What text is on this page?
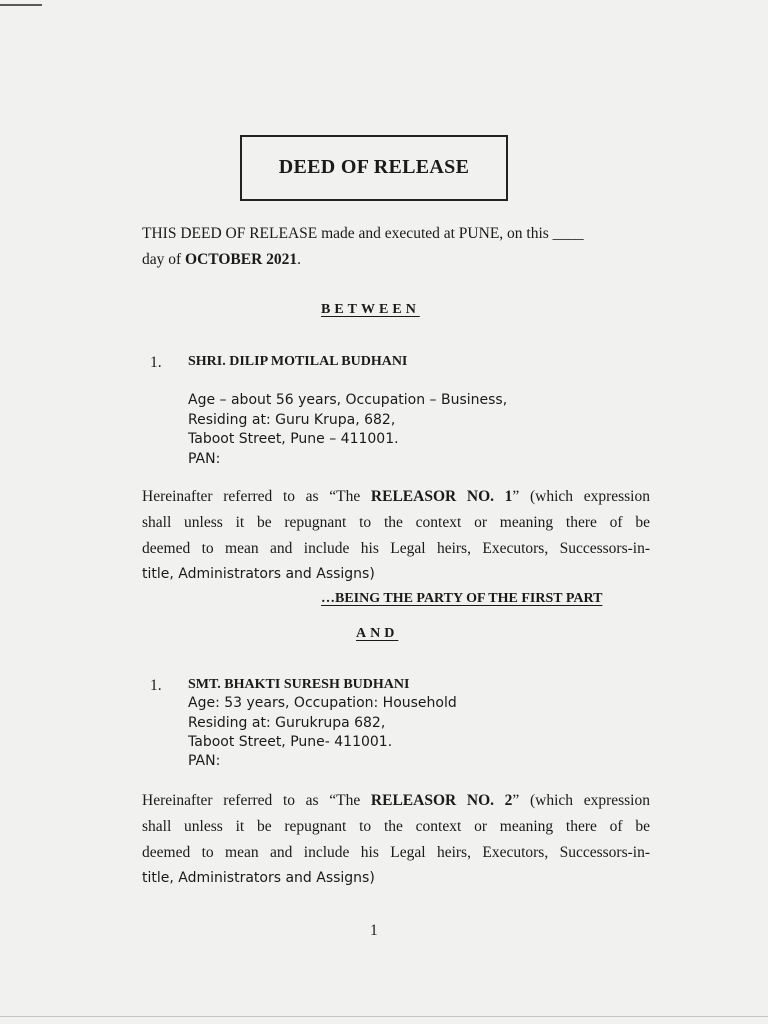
DEED OF RELEASE
THIS DEED OF RELEASE made and executed at PUNE, on this ____
day of OCTOBER 2021.
BETWEEN
1. SHRI. DILIP MOTILAL BUDHANI
Age – about 56 years, Occupation – Business,
Residing at: Guru Krupa, 682,
Taboot Street, Pune – 411001.
PAN:
Hereinafter referred to as “The RELEASOR NO. 1” (which expression
shall unless it be repugnant to the context or meaning there of be
deemed to mean and include his Legal heirs, Executors, Successors-in-
title, Administrators and Assigns)
…BEING THE PARTY OF THE FIRST PART
AND
1. SMT. BHAKTI SURESH BUDHANI
Age: 53 years, Occupation: Household
Residing at: Gurukrupa 682,
Taboot Street, Pune- 411001.
PAN:
Hereinafter referred to as “The RELEASOR NO. 2” (which expression
shall unless it be repugnant to the context or meaning there of be
deemed to mean and include his Legal heirs, Executors, Successors-in-
title, Administrators and Assigns)
1
